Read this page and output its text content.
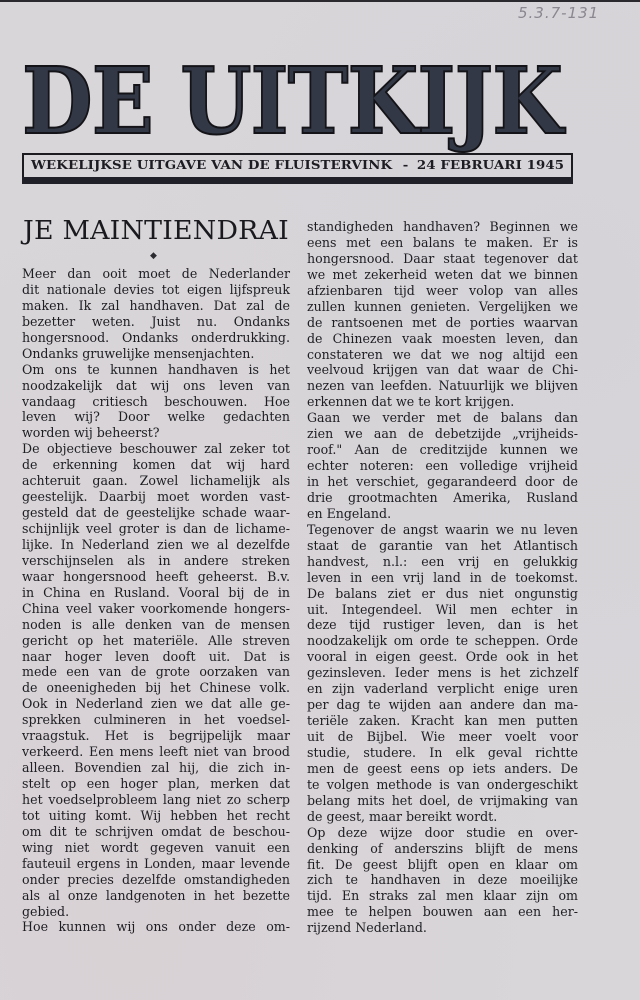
5.3.7-131
DE UITKIJK
WEKELIJKSE UITGAVE VAN DE FLUISTERVINK - 24 FEBRUARI 1945
JE MAINTIENDRAI
◆
Meer dan ooit moet de Nederlander
dit nationale devies tot eigen lijfspreuk
maken. Ik zal handhaven. Dat zal de
bezetter weten. Juist nu. Ondanks
hongersnood. Ondanks onderdrukking.
Ondanks gruwelijke mensenjachten.
Om ons te kunnen handhaven is het
noodzakelijk dat wij ons leven van
vandaag critiesch beschouwen. Hoe
leven wij? Door welke gedachten
worden wij beheerst?
De objectieve beschouwer zal zeker tot
de erkenning komen dat wij hard
achteruit gaan. Zowel lichamelijk als
geestelijk. Daarbij moet worden vast-
gesteld dat de geestelijke schade waar-
schijnlijk veel groter is dan de lichame-
lijke. In Nederland zien we al dezelfde
verschijnselen als in andere streken
waar hongersnood heeft geheerst. B.v.
in China en Rusland. Vooral bij de in
China veel vaker voorkomende hongers-
noden is alle denken van de mensen
gericht op het materiële. Alle streven
naar hoger leven dooft uit. Dat is
mede een van de grote oorzaken van
de oneenigheden bij het Chinese volk.
Ook in Nederland zien we dat alle ge-
sprekken culmineren in het voedsel-
vraagstuk. Het is begrijpelijk maar
verkeerd. Een mens leeft niet van brood
alleen. Bovendien zal hij, die zich in-
stelt op een hoger plan, merken dat
het voedselprobleem lang niet zo scherp
tot uiting komt. Wij hebben het recht
om dit te schrijven omdat de beschou-
wing niet wordt gegeven vanuit een
fauteuil ergens in Londen, maar levende
onder precies dezelfde omstandigheden
als al onze landgenoten in het bezette
gebied.
Hoe kunnen wij ons onder deze om-
standigheden handhaven? Beginnen we
eens met een balans te maken. Er is
hongersnood. Daar staat tegenover dat
we met zekerheid weten dat we binnen
afzienbaren tijd weer volop van alles
zullen kunnen genieten. Vergelijken we
de rantsoenen met de porties waarvan
de Chinezen vaak moesten leven, dan
constateren we dat we nog altijd een
veelvoud krijgen van dat waar de Chi-
nezen van leefden. Natuurlijk we blijven
erkennen dat we te kort krijgen.
Gaan we verder met de balans dan
zien we aan de debetzijde „vrijheids-
roof." Aan de creditzijde kunnen we
echter noteren: een volledige vrijheid
in het verschiet, gegarandeerd door de
drie grootmachten Amerika, Rusland
en Engeland.
Tegenover de angst waarin we nu leven
staat de garantie van het Atlantisch
handvest, n.l.: een vrij en gelukkig
leven in een vrij land in de toekomst.
De balans ziet er dus niet ongunstig
uit. Integendeel. Wil men echter in
deze tijd rustiger leven, dan is het
noodzakelijk om orde te scheppen. Orde
vooral in eigen geest. Orde ook in het
gezinsleven. Ieder mens is het zichzelf
en zijn vaderland verplicht enige uren
per dag te wijden aan andere dan ma-
teriële zaken. Kracht kan men putten
uit de Bijbel. Wie meer voelt voor
studie, studere. In elk geval richtte
men de geest eens op iets anders. De
te volgen methode is van ondergeschikt
belang mits het doel, de vrijmaking van
de geest, maar bereikt wordt.
Op deze wijze door studie en over-
denking of anderszins blijft de mens
fit. De geest blijft open en klaar om
zich te handhaven in deze moeilijke
tijd. En straks zal men klaar zijn om
mee te helpen bouwen aan een her-
rijzend Nederland.
